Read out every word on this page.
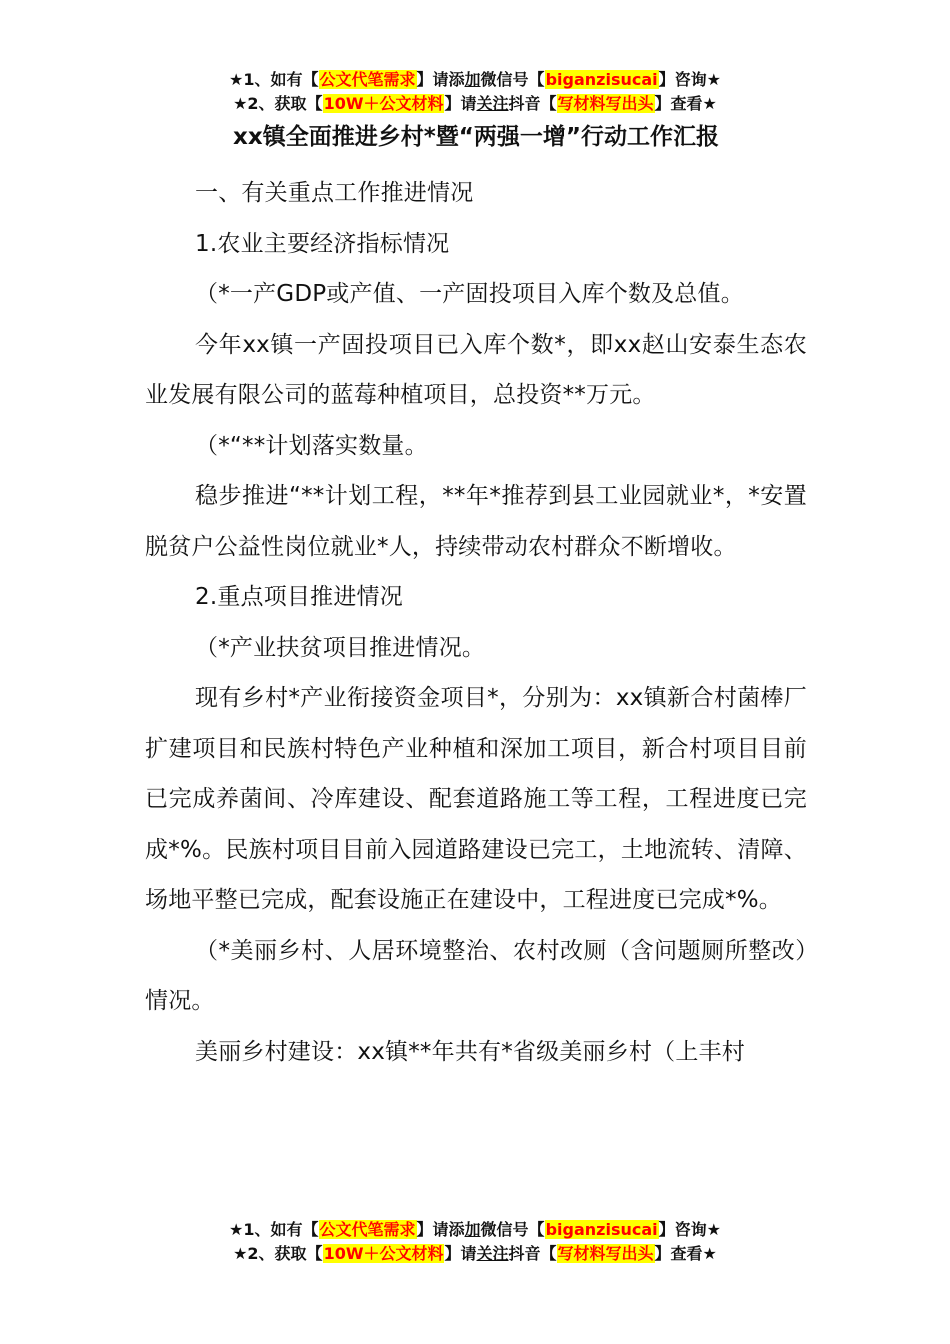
★1、如有【公文代笔需求】请添加微信号【biganzisucai】咨询★
★2、获取【10W＋公文材料】请关注抖音【写材料写出头】查看★
xx镇全面推进乡村*暨“两强一增”行动工作汇报

一、有关重点工作推进情况

1.农业主要经济指标情况

（*一产GDP或产值、一产固投项目入库个数及总值。

今年xx镇一产固投项目已入库个数*，即xx赵山安泰生态农业发展有限公司的蓝莓种植项目，总投资**万元。

（*“**计划落实数量。

稳步推进“**计划工程，**年*推荐到县工业园就业*，*安置脱贫户公益性岗位就业*人，持续带动农村群众不断增收。

2.重点项目推进情况

（*产业扶贫项目推进情况。

现有乡村*产业衔接资金项目*，分别为：xx镇新合村菌棒厂扩建项目和民族村特色产业种植和深加工项目，新合村项目目前已完成养菌间、冷库建设、配套道路施工等工程，工程进度已完成*%。民族村项目目前入园道路建设已完工，土地流转、清障、场地平整已完成，配套设施正在建设中，工程进度已完成*%。

（*美丽乡村、人居环境整治、农村改厕（含问题厕所整改）情况。

美丽乡村建设：xx镇**年共有*省级美丽乡村（上丰村

★1、如有【公文代笔需求】请添加微信号【biganzisucai】咨询★
★2、获取【10W＋公文材料】请关注抖音【写材料写出头】查看★
